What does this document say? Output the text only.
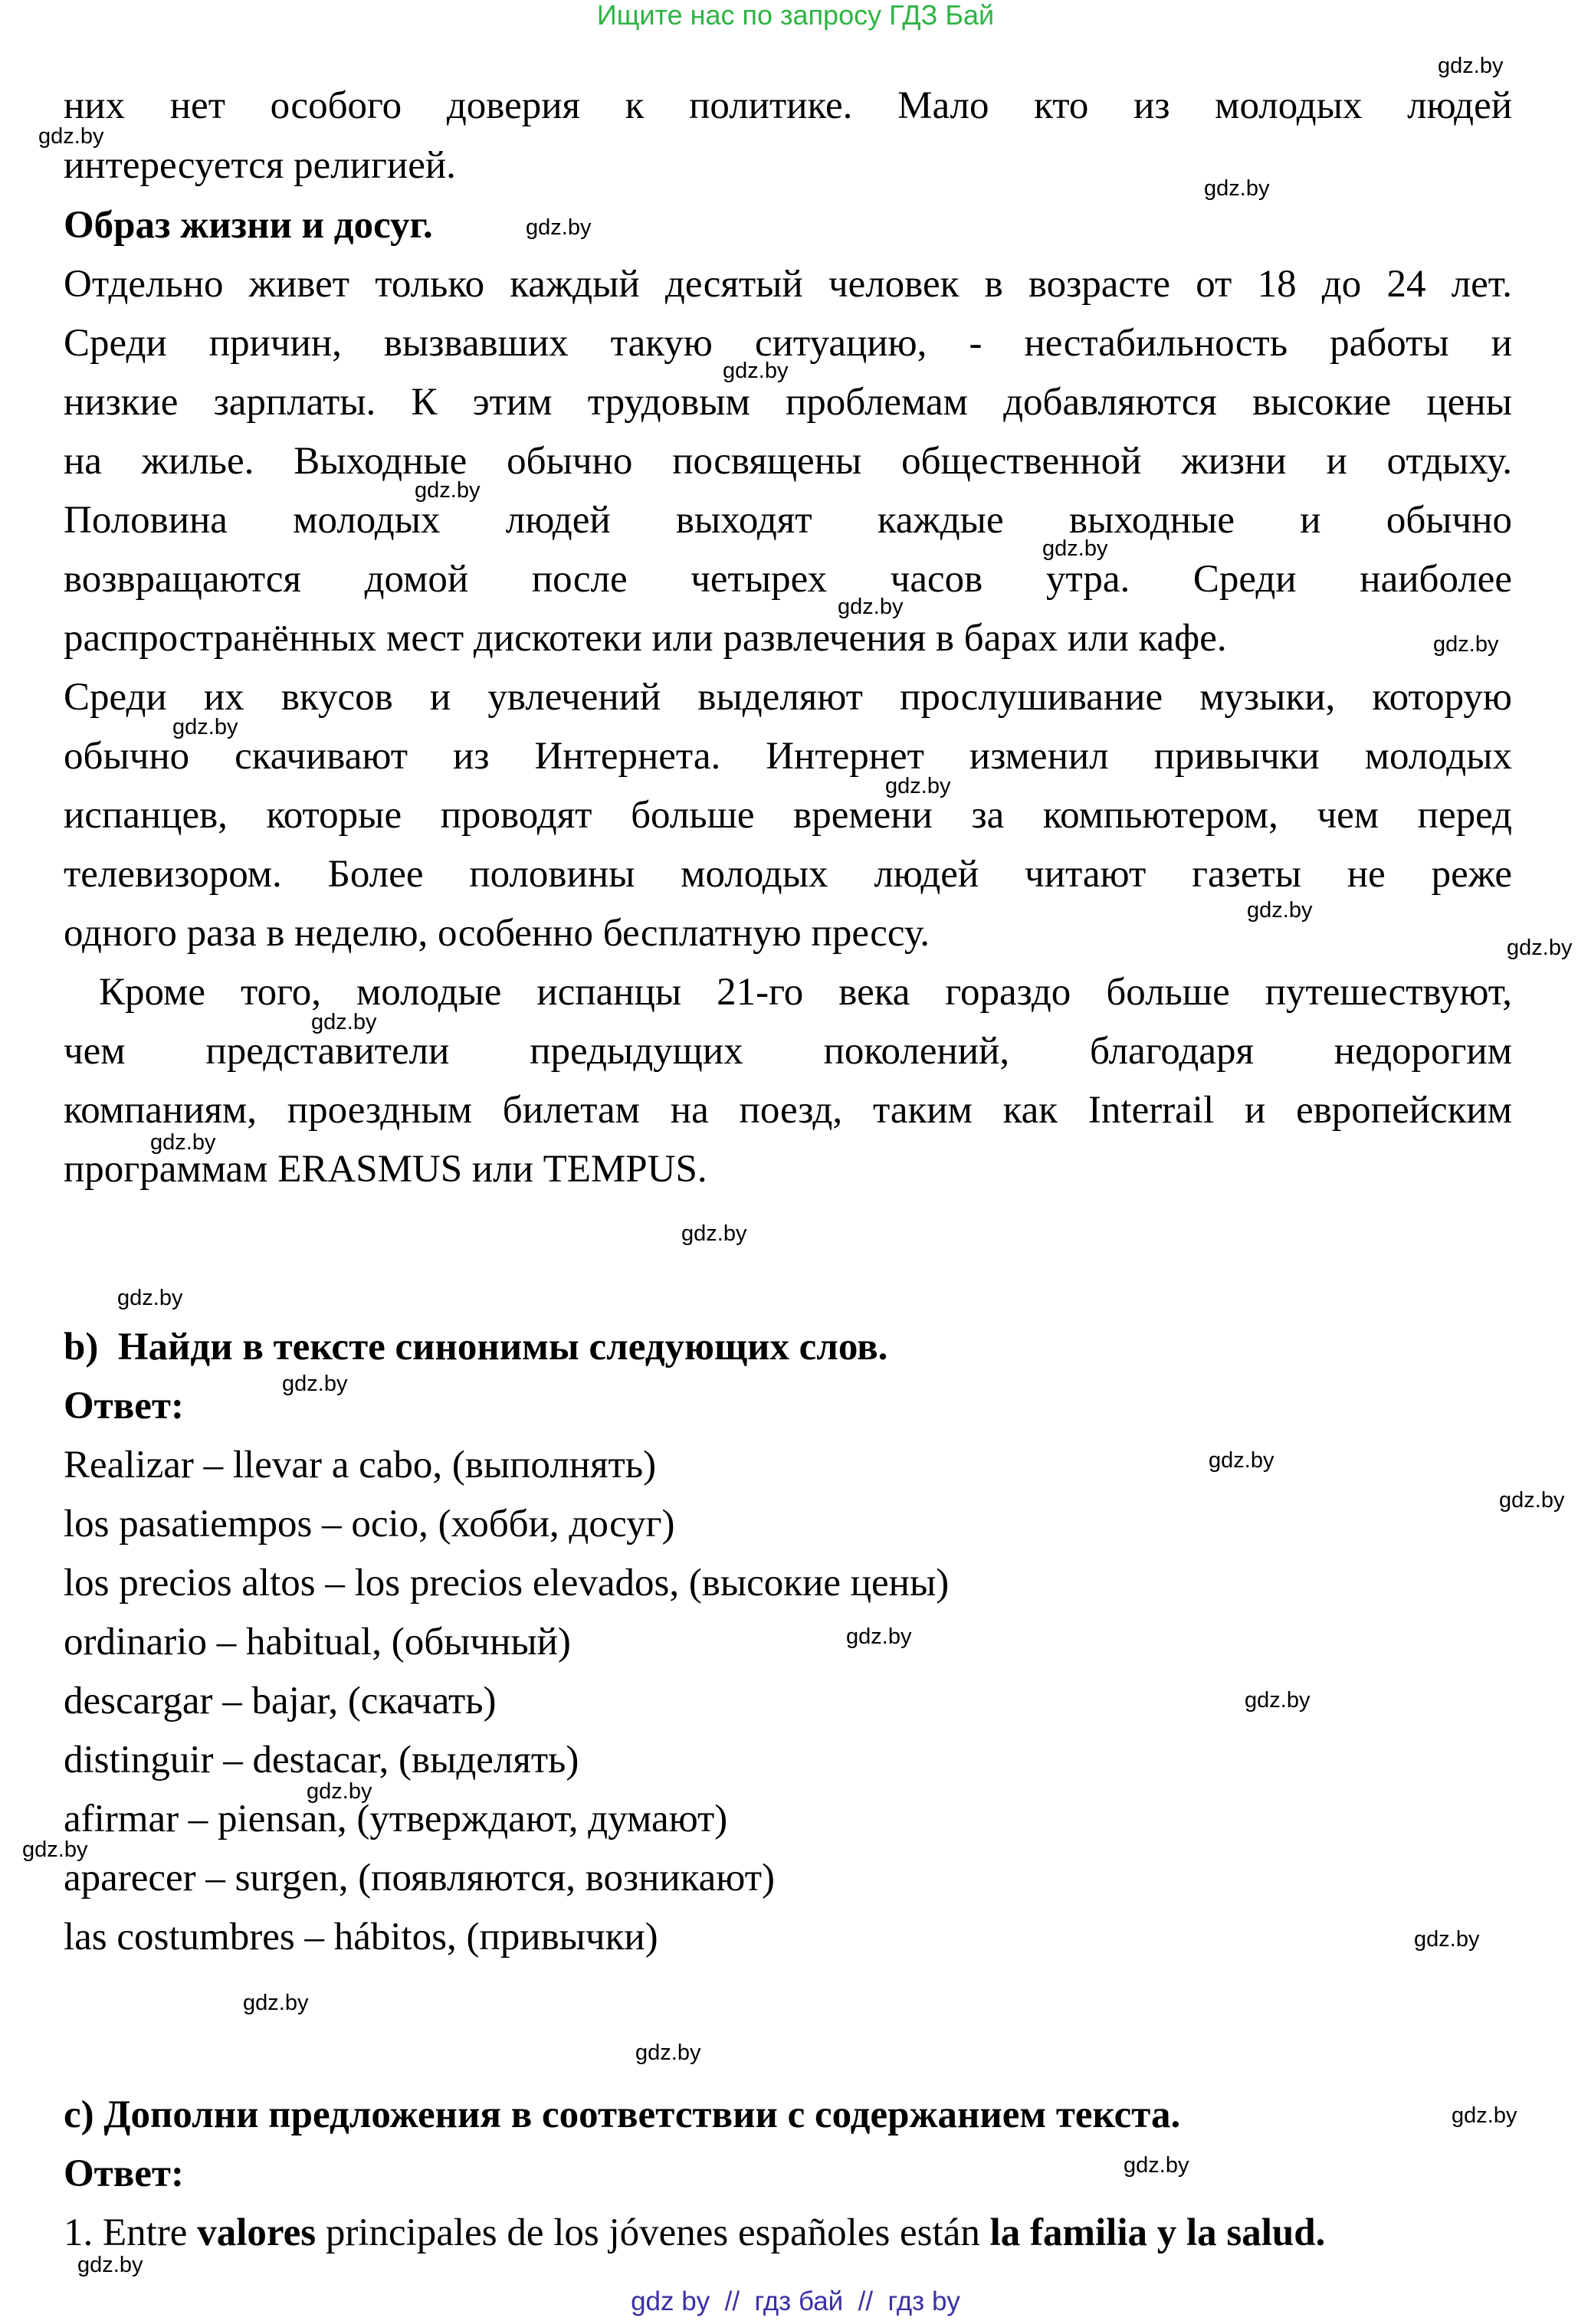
Ищите нас по запросу ГДЗ Бай
них нет особого доверия к политике. Мало кто из молодых людей
интересуется религией.
Образ жизни и досуг.
Отдельно живет только каждый десятый человек в возрасте от 18 до 24 лет.
Среди причин, вызвавших такую ситуацию, - нестабильность работы и
низкие зарплаты. К этим трудовым проблемам добавляются высокие цены
на жилье. Выходные обычно посвящены общественной жизни и отдыху.
Половина молодых людей выходят каждые выходные и обычно
возвращаются домой после четырех часов утра. Среди наиболее
распространённых мест дискотеки или развлечения в барах или кафе.
Среди их вкусов и увлечений выделяют прослушивание музыки, которую
обычно скачивают из Интернета. Интернет изменил привычки молодых
испанцев, которые проводят больше времени за компьютером, чем перед
телевизором. Более половины молодых людей читают газеты не реже
одного раза в неделю, особенно бесплатную прессу.
Кроме того, молодые испанцы 21-го века гораздо больше путешествуют,
чем представители предыдущих поколений, благодаря недорогим
компаниям, проездным билетам на поезд, таким как Interrail и европейским
программам ERASMUS или TEMPUS.
b)  Найди в тексте синонимы следующих слов.
Ответ:
Realizar – llevar a cabo, (выполнять)
los pasatiempos – ocio, (хобби, досуг)
los precios altos – los precios elevados, (высокие цены)
ordinario – habitual, (обычный)
descargar – bajar, (скачать)
distinguir – destacar, (выделять)
afirmar – piensan, (утверждают, думают)
aparecer – surgen, (появляются, возникают)
las costumbres – hábitos, (привычки)
c) Дополни предложения в соответствии с содержанием текста.
Ответ:
1. Entre valores principales de los jóvenes españoles están la familia y la salud.
gdz.by
gdz.by
gdz.by
gdz.by
gdz.by
gdz.by
gdz.by
gdz.by
gdz.by
gdz.by
gdz.by
gdz.by
gdz.by
gdz.by
gdz.by
gdz.by
gdz.by
gdz.by
gdz.by
gdz.by
gdz.by
gdz.by
gdz.by
gdz.by
gdz.by
gdz.by
gdz.by
gdz.by
gdz.by
gdz.by
gdz by  //  гдз бай  //  гдз by
